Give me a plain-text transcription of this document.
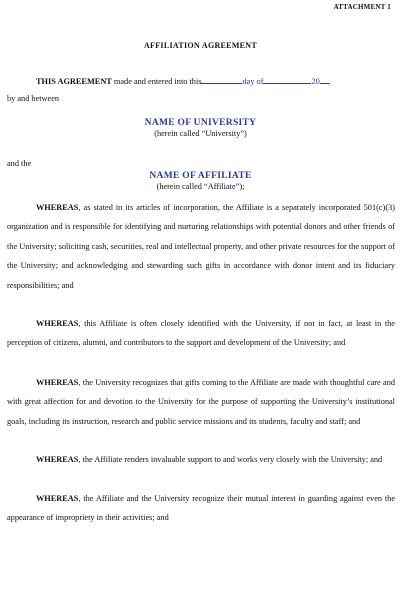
ATTACHMENT 1
AFFILIATION AGREEMENT
THIS AGREEMENT made and entered into this	day of	20 ,
by and between
NAME OF UNIVERSITY
(herein called “University”)
and the
NAME OF AFFILIATE
(herein called “Affiliate”);
WHEREAS, as stated in its articles of incorporation, the Affiliate is a separately incorporated 501(c)(3) organization and is responsible for identifying and nurturing relationships with potential donors and other friends of the University; soliciting cash, securities, real and intellectual property, and other private resources for the support of the University; and acknowledging and stewarding such gifts in accordance with donor intent and its fiduciary responsibilities; and
WHEREAS, this Affiliate is often closely identified with the University, if not in fact, at least in the perception of citizens, alumni, and contributors to the support and development of the University; and
WHEREAS, the University recognizes that gifts coming to the Affiliate are made with thoughtful care and with great affection for and devotion to the University for the purpose of supporting the University’s institutional goals, including its instruction, research and public service missions and its students, faculty and staff; and
WHEREAS, the Affiliate renders invaluable support to and works very closely with the University; and
WHEREAS, the Affiliate and the University recognize their mutual interest in guarding against even the appearance of impropriety in their activities; and
